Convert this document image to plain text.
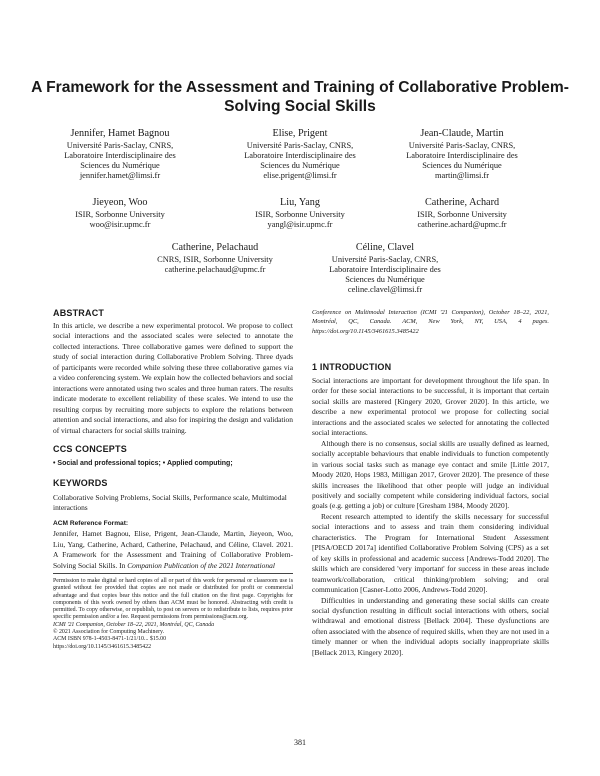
A Framework for the Assessment and Training of Collaborative Problem-Solving Social Skills
Jennifer, Hamet Bagnou
Université Paris-Saclay, CNRS,
Laboratoire Interdisciplinaire des
Sciences du Numérique
jennifer.hamet@limsi.fr
Elise, Prigent
Université Paris-Saclay, CNRS,
Laboratoire Interdisciplinaire des
Sciences du Numérique
elise.prigent@limsi.fr
Jean-Claude, Martin
Université Paris-Saclay, CNRS,
Laboratoire Interdisciplinaire des
Sciences du Numérique
martin@limsi.fr
Jieyeon, Woo
ISIR, Sorbonne University
woo@isir.upmc.fr
Liu, Yang
ISIR, Sorbonne University
yangl@isir.upmc.fr
Catherine, Achard
ISIR, Sorbonne University
catherine.achard@upmc.fr
Catherine, Pelachaud
CNRS, ISIR, Sorbonne University
catherine.pelachaud@upmc.fr
Céline, Clavel
Université Paris-Saclay, CNRS,
Laboratoire Interdisciplinaire des
Sciences du Numérique
celine.clavel@limsi.fr
ABSTRACT

In this article, we describe a new experimental protocol. We propose to collect social interactions and the associated scales were selected to annotate the collected interactions. Three collaborative games were defined to support the study of social interaction during Collaborative Problem Solving. Three dyads of participants were recorded while solving these three collaborative games via a video conferencing system. We explain how the collected behaviors and social interactions were annotated using two scales and three human raters. The results indicate moderate to excellent reliability of these scales. We intend to use the resulting corpus by recruiting more subjects to explore the relations between attention and social interactions, and also for inspiring the design and validation of virtual characters for social skills training.

CCS CONCEPTS
• Social and professional topics; • Applied computing;
KEYWORDS
Collaborative Solving Problems, Social Skills, Performance scale, Multimodal interactions

ACM Reference Format:

Jennifer, Hamet Bagnou, Elise, Prigent, Jean-Claude, Martin, Jieyeon, Woo, Liu, Yang, Catherine, Achard, Catherine, Pelachaud, and Céline, Clavel. 2021. A Framework for the Assessment and Training of Collaborative Problem-Solving Social Skills. In Companion Publication of the 2021 International

Permission to make digital or hard copies of all or part of this work for personal or classroom use is granted without fee provided that copies are not made or distributed for profit or commercial advantage and that copies bear this notice and the full citation on the first page. Copyrights for components of this work owned by others than ACM must be honored. Abstracting with credit is permitted. To copy otherwise, or republish, to post on servers or to redistribute to lists, requires prior specific permission and/or a fee. Request permissions from permissions@acm.org.

ICMI '21 Companion, October 18–22, 2021, Montréal, QC, Canada

© 2021 Association for Computing Machinery.

ACM ISBN 978-1-4503-8471-1/21/10... $15.00

https://doi.org/10.1145/3461615.3485422

Conference on Multimodal Interaction (ICMI '21 Companion), October 18–22, 2021, Montréal, QC, Canada. ACM, New York, NY, USA, 4 pages. https://doi.org/10.1145/3461615.3485422
1 INTRODUCTION

Social interactions are important for development throughout the life span. In order for these social interactions to be successful, it is important that certain social skills are mastered [Kingery 2020, Grover 2020]. In this article, we describe a new experimental protocol we propose for collecting social interactions and the associated scales we selected for annotating the collected social interactions.

Although there is no consensus, social skills are usually defined as learned, socially acceptable behaviours that enable individuals to function competently in various social tasks such as manage eye contact and smile [Little 2017, Moody 2020, Hops 1983, Milligan 2017, Grover 2020]. The presence of these skills increases the likelihood that other people will judge an individual positively and socially competent while considering individual factors, social goals (e.g. getting a job) or culture [Gresham 1984, Moody 2020].

Recent research attempted to identify the skills necessary for successful social interactions and to assess and train them considering individual characteristics. The Program for International Student Assessment [PISA/OECD 2017a] identified Collaborative Problem Solving (CPS) as a set of key skills in professional and academic success [Andrews-Todd 2020]. The skills which are considered 'very important' for success in these areas include teamwork/collaboration, critical thinking/problem solving; and oral communication [Casner-Lotto 2006, Andrews-Todd 2020].

Difficulties in understanding and generating these social skills can create social dysfunction resulting in difficult social interactions with others, social withdrawal and emotional distress [Bellack 2004]. These dysfunctions are often associated with the absence of required skills, when they are not used in a timely manner or when the individual adopts socially inappropriate skills [Bellack 2013, Kingery 2020].

381
